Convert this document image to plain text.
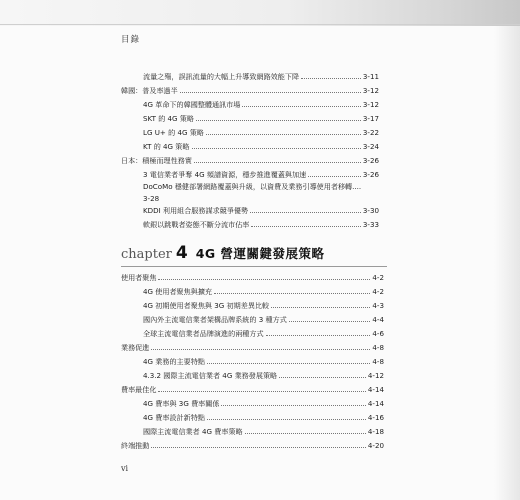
目錄
流量之殤，誤訊流量的大幅上升導致網路效能下降	3-11
韓國：普及率過半	3-12
4G 革命下的韓國整體通訊市場	3-12
SKT 的 4G 策略	3-17
LG U+ 的 4G 策略	3-22
KT 的 4G 策略	3-24
日本：積極而理性務實	3-26
3 電信業者爭奪 4G 頻譜資源，穩步推進覆蓋與加速	3-26
DoCoMo 穩健部署網路覆蓋與升級，以資費及業務引導使用者移轉....
3-28
KDDI 利用組合服務謀求競爭優勢	3-30
軟銀以跳戰者姿態不斷分流市佔率	3-33
chapter 4 4G 營運關鍵發展策略
使用者聚焦	4-2
4G 使用者聚焦與擴充	4-2
4G 初期使用者聚焦與 3G 初期差異比較	4-3
國內外主流電信業者架構品牌系統的 3 種方式	4-4
全球主流電信業者品牌演進的兩種方式	4-6
業務促進	4-8
4G 業務的主要特點	4-8
4.3.2 國際主流電信業者 4G 業務發展策略	4-12
費率最佳化	4-14
4G 費率與 3G 費率關係	4-14
4G 費率設計新特點	4-16
國際主流電信業者 4G 費率策略	4-18
終端推動	4-20
vi
